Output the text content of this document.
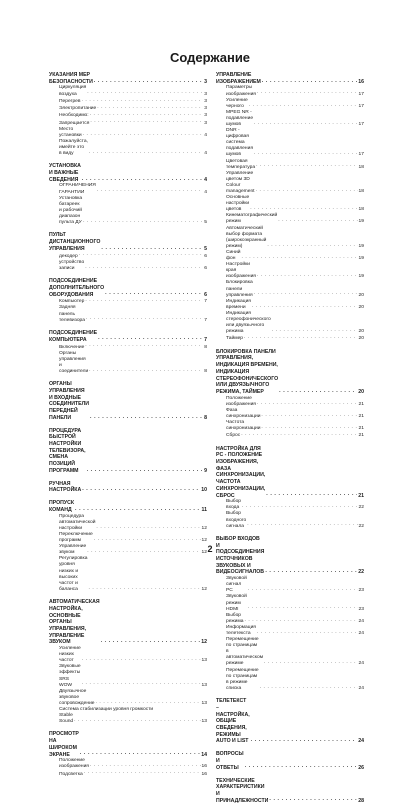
Содержание
УКАЗАНИЯ МЕР БЕЗОПАСНОСТИ . . .	3
Циркуляция воздуха . . .	3
Перегрев . . .	3
Электропитание . . .	3
Необходимо: . . .	3
Запрещается . . .	3
Место установки . . .	4
Пожалуйста, имейте это в виду . . .	4
УСТАНОВКА И ВАЖНЫЕ СВЕДЕНИЯ . . .	4
ОГРАНИЧЕНИЯ ГАРАНТИИ . . .	4
Установка батареек и рабочий диапазон
пульта ДУ . . .	5
ПУЛЬТ ДИСТАНЦИОННОГО УПРАВЛЕНИЯ . . .	5
декодер . . .	6
устройство записи . . .	6
ПОДСОЕДИНЕНИЕ ДОПОЛНИТЕЛЬНОГО
ОБОРУДОВАНИЯ . . .	6
Компьютер . . .	7
Задняя панель телевизора . . .	7
ПОДСОЕДИНЕНИЕ КОМПЬЮТЕРА . . .	7
Включение . . .	8
Органы управления и соединители . . .	8
ОРГАНЫ УПРАВЛЕНИЯ И ВХОДНЫЕ
СОЕДИНИТЕЛИ ПЕРЕДНЕЙ ПАНЕЛИ . . .	8
ПРОЦЕДУРА БЫСТРОЙ НАСТРОЙКИ
ТЕЛЕВИЗОРА, СМЕНА ПОЗИЦИЙ ПРОГРАММ . . .	9
РУЧНАЯ НАСТРОЙКА . . .	10
ПРОПУСК КОМАНД . . .	11
Процедура автоматической настройки . . .	12
Переключение программ . . .	12
Управление звуком . . .	12
Регулировка уровня низких и высоких
частот и баланса . . .	12
АВТОМАТИЧЕСКАЯ НАСТРОЙКА,
ОСНОВНЫЕ ОРГАНЫ УПРАВЛЕНИЯ,
УПРАВЛЕНИЕ ЗВУКОМ . . .	12
Усиление низких частот . . .	13
Звуковые эффекты SRS WOW . . .	13
Двуязычное звуковое сопровождение . . .	13
Система стабилизации уровня громкости
Stable Sound . . .	13
ПРОСМОТР НА ШИРОКОМ ЭКРАНЕ . . .	14
Положение изображения . . .	16
Подсветка . . .	16
УПРАВЛЕНИЕ ИЗОБРАЖЕНИЕМ . . .	16
Параметры изображения . . .	17
Усиление черного . . .	17
MPEG NR - подавление шумов . . .	17
DNR - цифровая система подавления шумов . . .	17
Цветовая температура . . .	18
Управление цветом 3D Colour management . . .	18
Основные настройки цветов . . .	18
Кинематографический режим . . .	19
Автоматический выбор формата
(широкоэкранный режим) . . .	19
Синий фон . . .	19
Настройки края изображения . . .	19
Блокировка панели управления . . .	20
Индикация времени . . .	20
Индикация стереофонического
или двуязычного режима . . .	20
Таймер . . .	20
БЛОКИРОВКА ПАНЕЛИ УПРАВЛЕНИЯ,
ИНДИКАЦИЯ ВРЕМЕНИ,
ИНДИКАЦИЯ СТЕРЕОФОНИЧЕСКОГО
ИЛИ ДВУЯЗЫЧНОГО РЕЖИМА, ТАЙМЕР . . .	20
Положение изображения . . .	21
Фаза синхронизации . . .	21
Частота синхронизации . . .	21
Сброс . . .	21
НАСТРОЙКА ДЛЯ PC - ПОЛОЖЕНИЕ
ИЗОБРАЖЕНИЯ, ФАЗА СИНХРОНИЗАЦИИ,
ЧАСТОТА СИНХРОНИЗАЦИИ, СБРОС . . .	21
Выбор входа . . .	22
Выбор входного сигнала . . .	22
ВЫБОР ВХОДОВ И ПОДСОЕДИНЕНИЯ
ИСТОЧНИКОВ ЗВУКОВЫХ И ВИДЕОСИГНАЛОВ . . .	22
Звуковой сигнал PC . . .	23
Звуковой режим HDMI . . .	23
Выбор режима . . .	24
Информация телетекста . . .	24
Перемещение по страницам
в автоматическом режиме . . .	24
Перемещение по страницам в режиме
списка . . .	24
ТЕЛЕТЕКСТ – НАСТРОЙКА, ОБЩИЕ СВЕДЕНИЯ,
РЕЖИМЫ AUTO И LIST . . .	24
ВОПРОСЫ И ОТВЕТЫ . . .	26
ТЕХНИЧЕСКИЕ ХАРАКТЕРИСТИКИ
И ПРИНАДЛЕЖНОСТИ . . .	28
2
